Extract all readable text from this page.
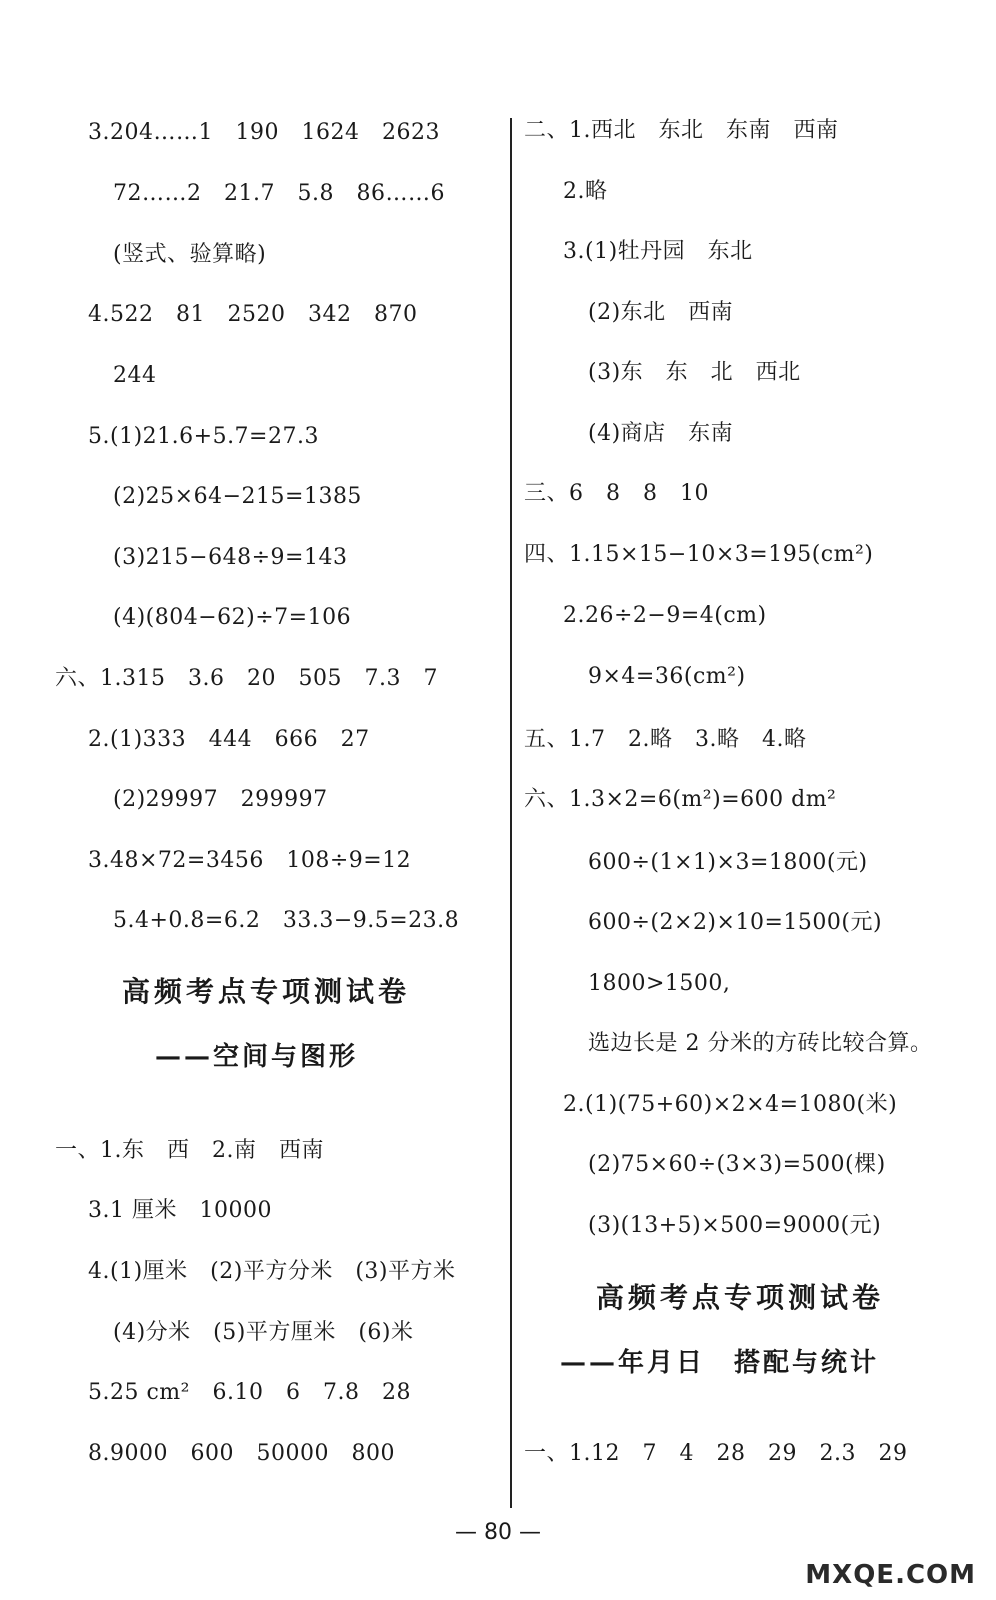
3.204……1　190　1624　2623
72……2　21.7　5.8　86……6
(竖式、验算略)
4.522　81　2520　342　870
244
5.(1)21.6+5.7=27.3
(2)25×64−215=1385
(3)215−648÷9=143
(4)(804−62)÷7=106
六、1.315　3.6　20　505　7.3　7
2.(1)333　444　666　27
(2)29997　299997
3.48×72=3456　108÷9=12
5.4+0.8=6.2　33.3−9.5=23.8
高频考点专项测试卷
——空间与图形
一、1.东　西　2.南　西南
3.1 厘米　10000
4.(1)厘米　(2)平方分米　(3)平方米
(4)分米　(5)平方厘米　(6)米
5.25 cm²　6.10　6　7.8　28
8.9000　600　50000　800
二、1.西北　东北　东南　西南
2.略
3.(1)牡丹园　东北
(2)东北　西南
(3)东　东　北　西北
(4)商店　东南
三、6　8　8　10
四、1.15×15−10×3=195(cm²)
2.26÷2−9=4(cm)
9×4=36(cm²)
五、1.7　2.略　3.略　4.略
六、1.3×2=6(m²)=600 dm²
600÷(1×1)×3=1800(元)
600÷(2×2)×10=1500(元)
1800>1500,
选边长是 2 分米的方砖比较合算。
2.(1)(75+60)×2×4=1080(米)
(2)75×60÷(3×3)=500(棵)
(3)(13+5)×500=9000(元)
高频考点专项测试卷
——年月日　搭配与统计
一、1.12　7　4　28　29　2.3　29
— 80 —
MXQE.COM
